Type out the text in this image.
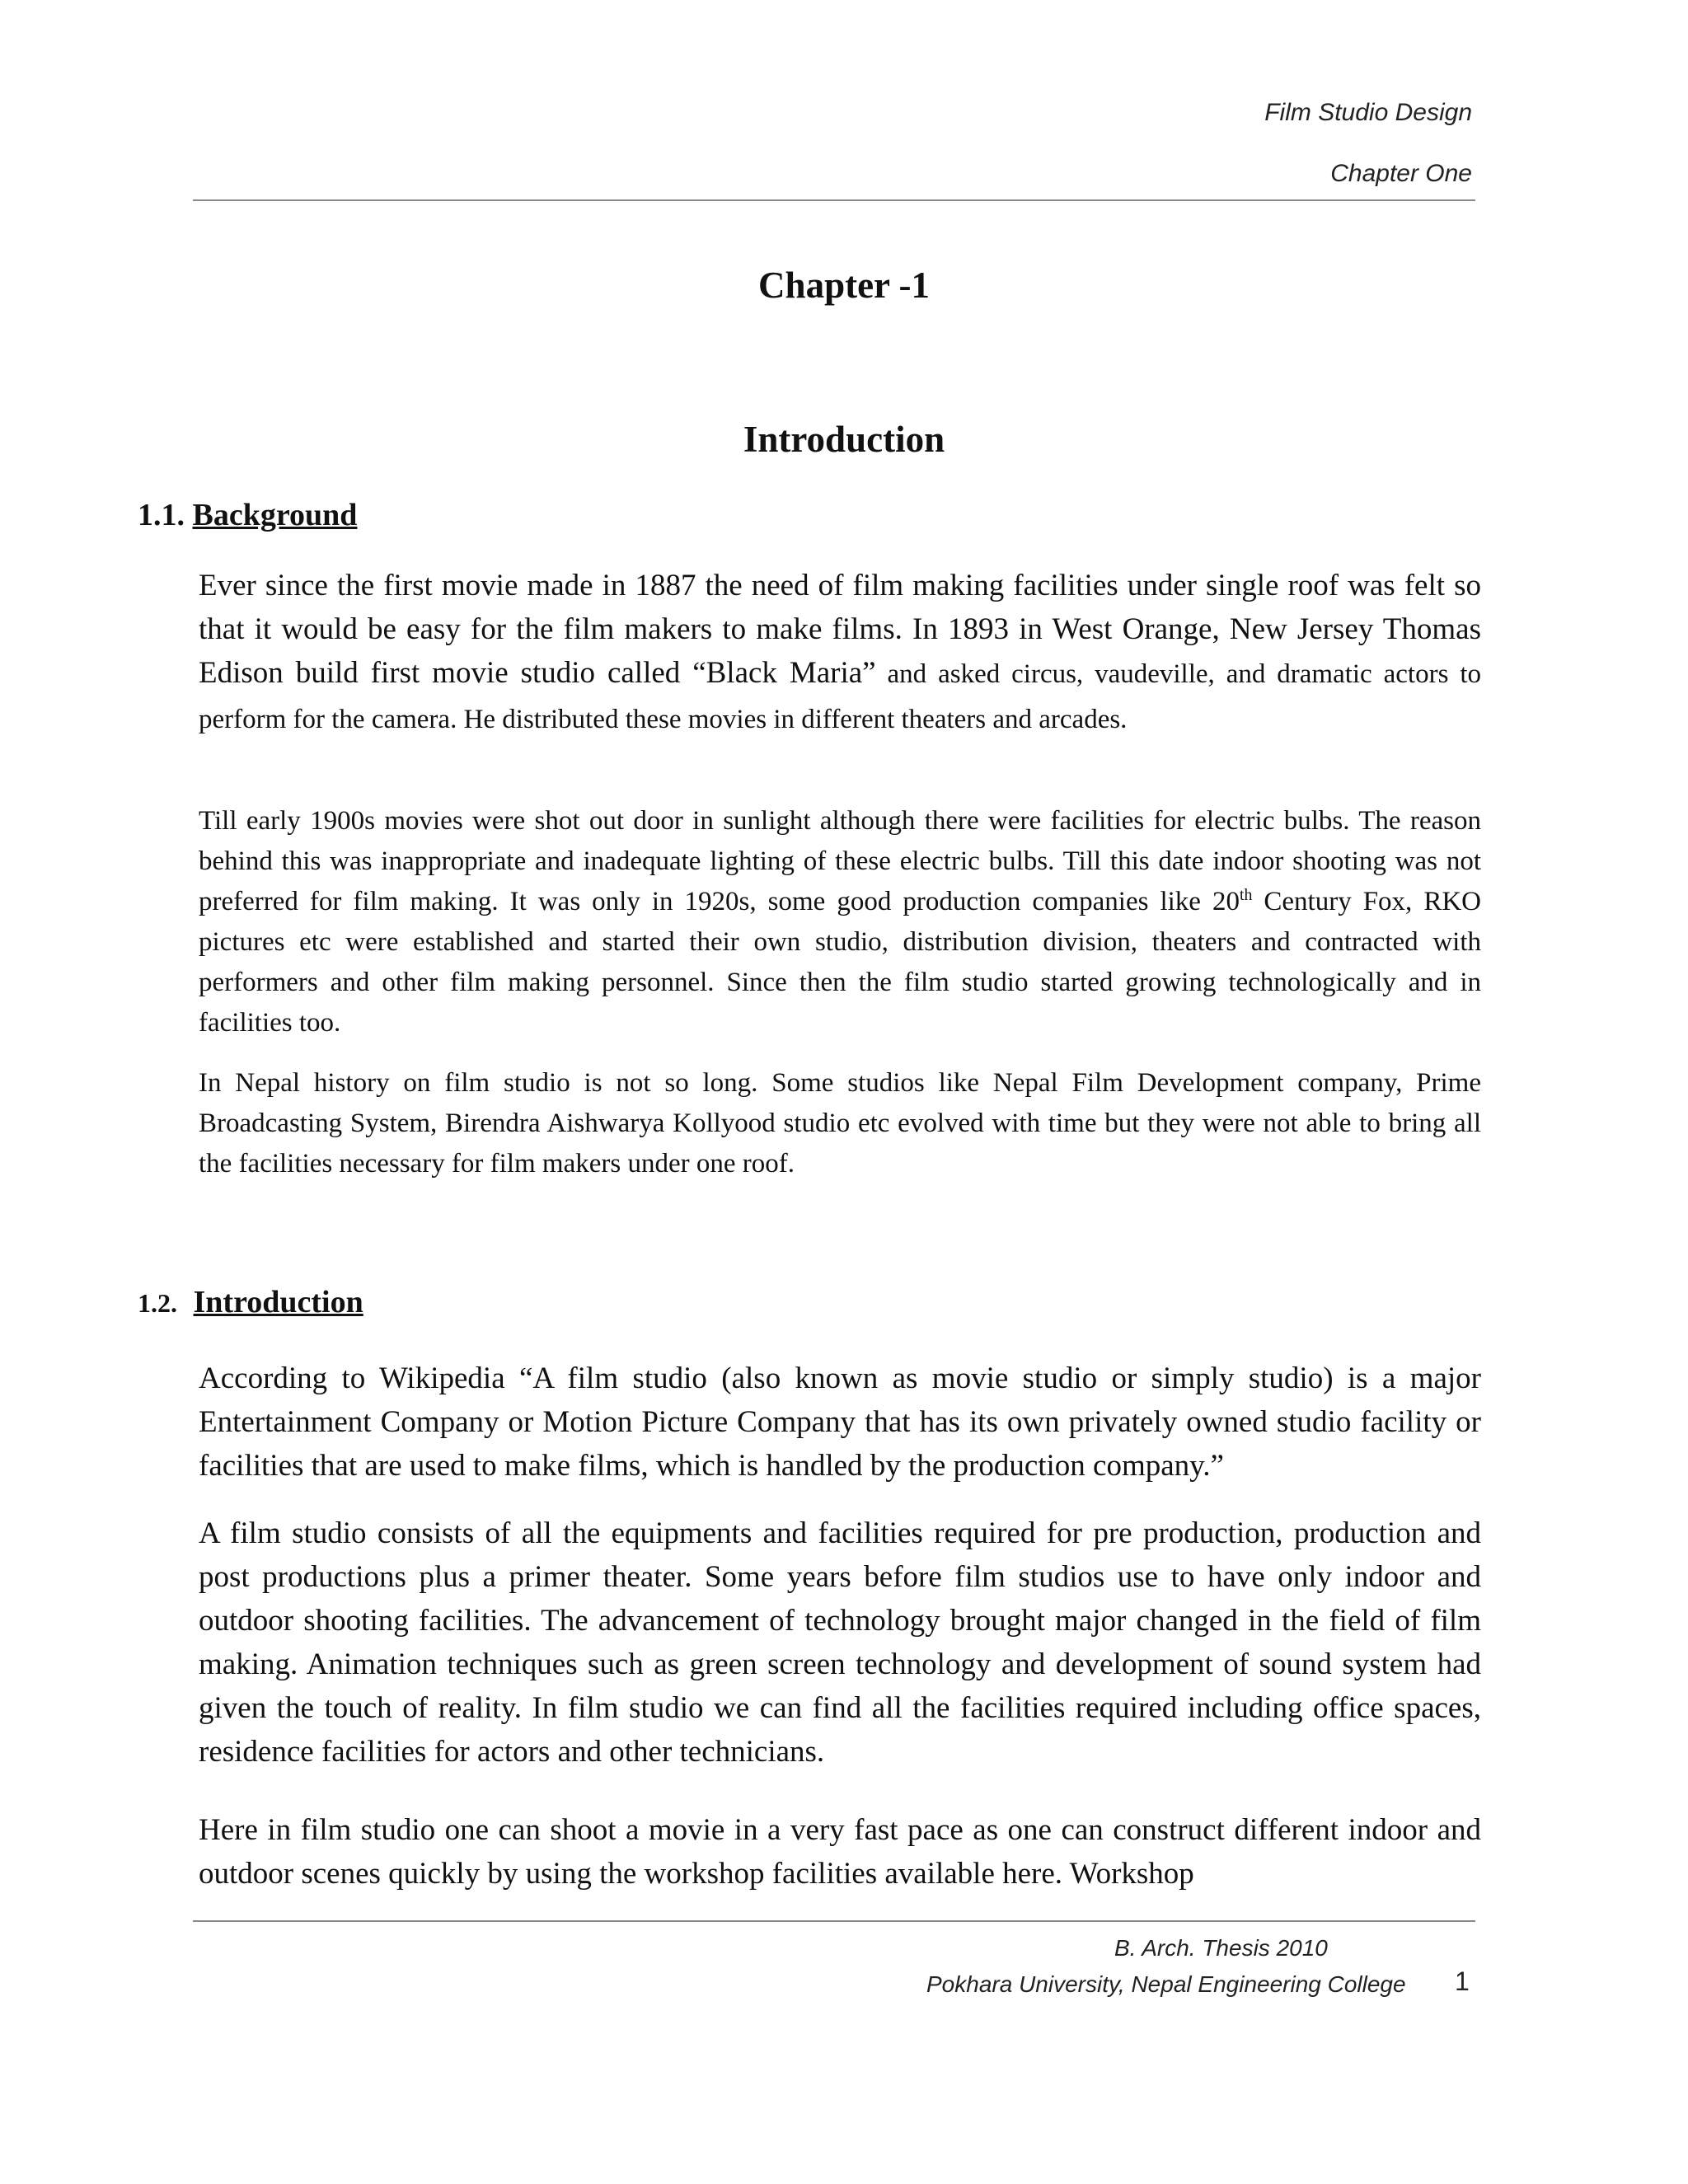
Film Studio Design
Chapter One
Chapter -1
Introduction
1.1. Background

Ever since the first movie made in 1887 the need of film making facilities under single roof was felt so that it would be easy for the film makers to make films. In 1893 in West Orange, New Jersey Thomas Edison build first movie studio called “Black Maria” and asked circus, vaudeville, and dramatic actors to perform for the camera. He distributed these movies in different theaters and arcades.

Till early 1900s movies were shot out door in sunlight although there were facilities for electric bulbs. The reason behind this was inappropriate and inadequate lighting of these electric bulbs. Till this date indoor shooting was not preferred for film making. It was only in 1920s, some good production companies like 20th Century Fox, RKO pictures etc were established and started their own studio, distribution division, theaters and contracted with performers and other film making personnel. Since then the film studio started growing technologically and in facilities too.

In Nepal history on film studio is not so long. Some studios like Nepal Film Development company, Prime Broadcasting System, Birendra Aishwarya Kollyood studio etc evolved with time but they were not able to bring all the facilities necessary for film makers under one roof.

1.2. Introduction

According to Wikipedia “A film studio (also known as movie studio or simply studio) is a major Entertainment Company or Motion Picture Company that has its own privately owned studio facility or facilities that are used to make films, which is handled by the production company.”

A film studio consists of all the equipments and facilities required for pre production, production and post productions plus a primer theater. Some years before film studios use to have only indoor and outdoor shooting facilities. The advancement of technology brought major changed in the field of film making. Animation techniques such as green screen technology and development of sound system had given the touch of reality. In film studio we can find all the facilities required including office spaces, residence facilities for actors and other technicians.

Here in film studio one can shoot a movie in a very fast pace as one can construct different indoor and outdoor scenes quickly by using the workshop facilities available here. Workshop

B. Arch. Thesis 2010
Pokhara University, Nepal Engineering College 1
